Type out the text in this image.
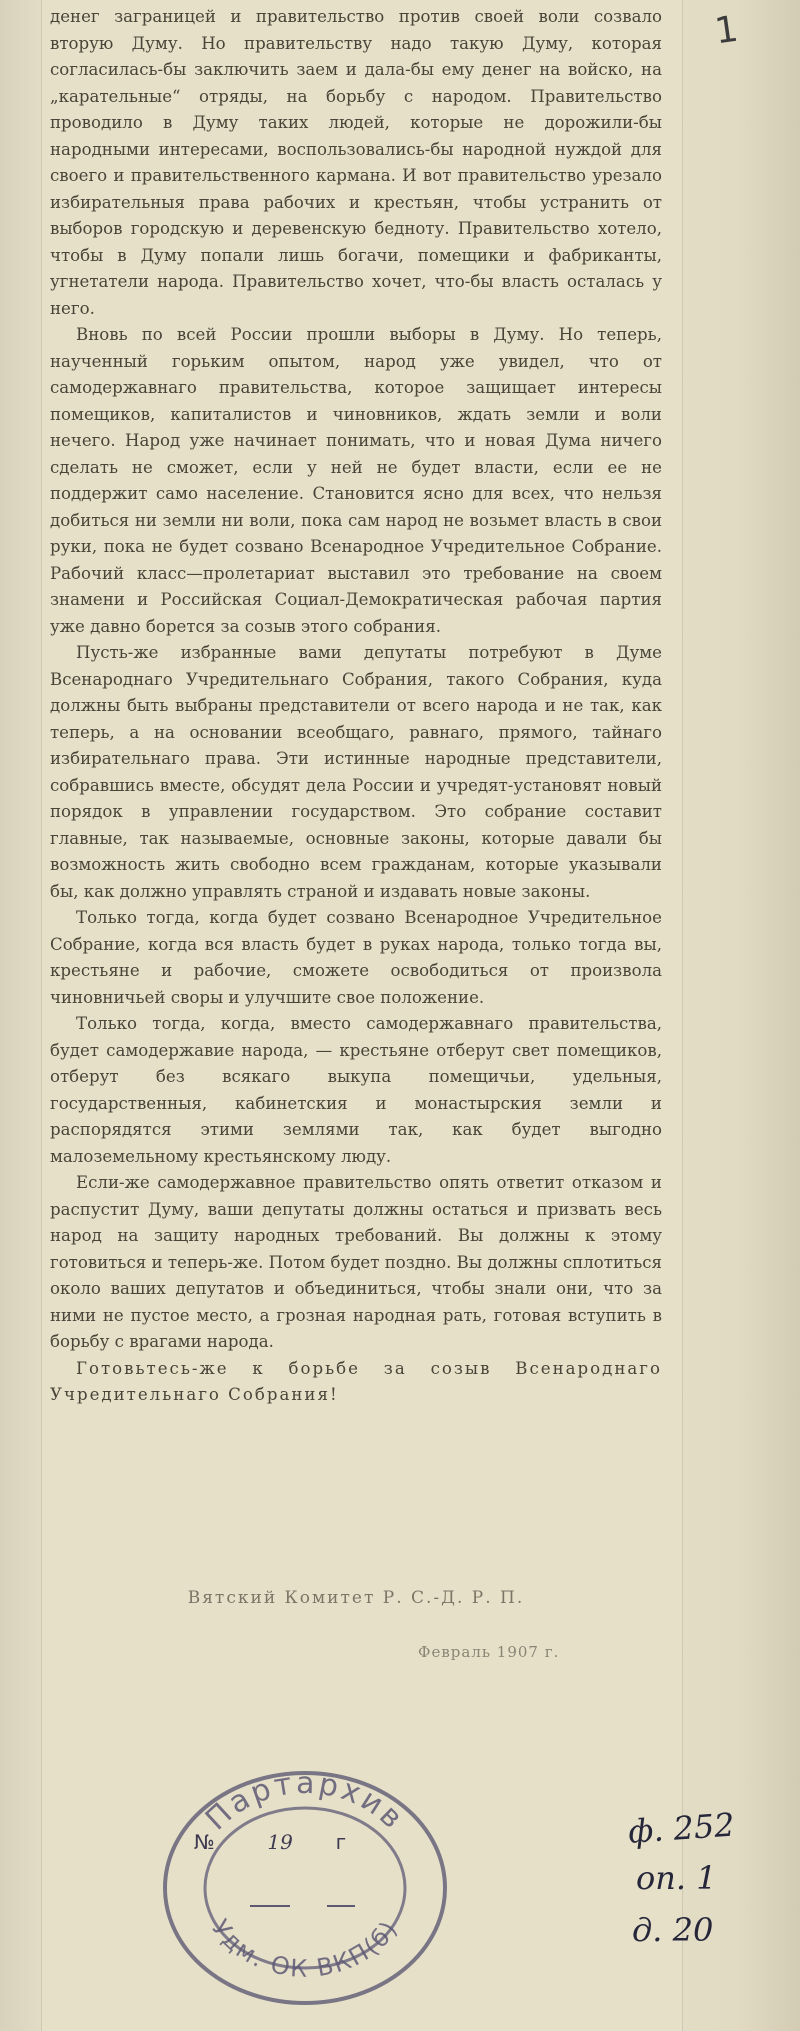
1

денег заграницей и правительство против своей воли созвало вторую Думу. Но правительству надо такую Думу, которая согласилась-бы заключить заем и дала-бы ему денег на войско, на „карательные“ отряды, на борьбу с народом. Правительство проводило в Думу таких людей, которые не дорожили-бы народными интересами, воспользовались-бы народной нуждой для своего и правительственного кармана. И вот правительство урезало избирательныя права рабочих и крестьян, чтобы устранить от выборов городскую и деревенскую бедноту. Правительство хотело, чтобы в Думу попали лишь богачи, помещики и фабриканты, угнетатели народа. Правительство хочет, что-бы власть осталась у него.

Вновь по всей России прошли выборы в Думу. Но теперь, наученный горьким опытом, народ уже увидел, что от самодержавнаго правительства, которое защищает интересы помещиков, капиталистов и чиновников, ждать земли и воли нечего. Народ уже начинает понимать, что и новая Дума ничего сделать не сможет, если у ней не будет власти, если ее не поддержит само население. Становится ясно для всех, что нельзя добиться ни земли ни воли, пока сам народ не возьмет власть в свои руки, пока не будет созвано Всенародное Учредительное Собрание. Рабочий класс—пролетариат выставил это требование на своем знамени и Российская Социал-Демократическая рабочая партия уже давно борется за созыв этого собрания.

Пусть-же избранные вами депутаты потребуют в Думе Всенароднаго Учредительнаго Собрания, такого Собрания, куда должны быть выбраны представители от всего народа и не так, как теперь, а на основании всеобщаго, равнаго, прямого, тайнаго избирательнаго права. Эти истинные народные представители, собравшись вместе, обсудят дела России и учредят-установят новый порядок в управлении государством. Это собрание составит главные, так называемые, основные законы, которые давали бы возможность жить свободно всем гражданам, которые указывали бы, как должно управлять страной и издавать новые законы.

Только тогда, когда будет созвано Всенародное Учредительное Собрание, когда вся власть будет в руках народа, только тогда вы, крестьяне и рабочие, сможете освободиться от произвола чиновничьей своры и улучшите свое положение.

Только тогда, когда, вместо самодержавнаго правительства, будет самодержавие народа, — крестьяне отберут свет помещиков, отберут без всякаго выкупа помещичьи, удельныя, государственныя, кабинетския и монастырския земли и распорядятся этими землями так, как будет выгодно малоземельному крестьянскому люду.

Если-же самодержавное правительство опять ответит отказом и распустит Думу, ваши депутаты должны остаться и призвать весь народ на защиту народных требований. Вы должны к этому готовиться и теперь-же. Потом будет поздно. Вы должны сплотиться около ваших депутатов и объединиться, чтобы знали они, что за ними не пустое место, а грозная народная рать, готовая вступить в борьбу с врагами народа.

Готовьтесь-же к борьбе за созыв Всенароднаго Учредительнаго Собрания!

Вятский Комитет Р. С.-Д. Р. П.
Февраль 1907 г.
Партархив
Удм. ОК ВКП(б)
№	19 г	ф. 252
оп. 1
д. 20
